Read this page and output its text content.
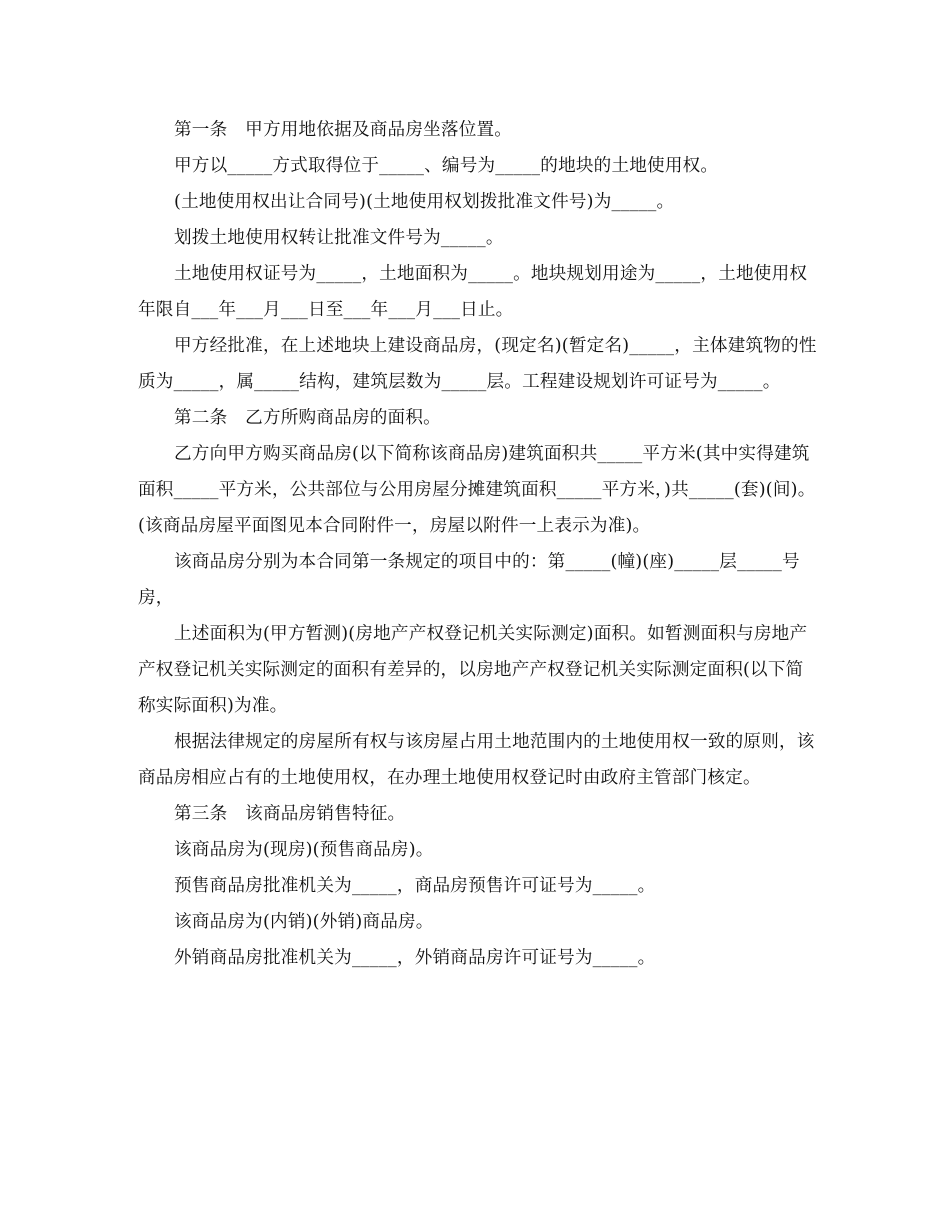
第一条　甲方用地依据及商品房坐落位置。

甲方以_____方式取得位于_____、编号为_____的地块的土地使用权。

(土地使用权出让合同号)(土地使用权划拨批准文件号)为_____。

划拨土地使用权转让批准文件号为_____。

土地使用权证号为_____，土地面积为_____。地块规划用途为_____，土地使用权年限自___年___月___日至___年___月___日止。

甲方经批准，在上述地块上建设商品房，(现定名)(暂定名)_____，主体建筑物的性质为_____，属_____结构，建筑层数为_____层。工程建设规划许可证号为_____。

第二条　乙方所购商品房的面积。

乙方向甲方购买商品房(以下简称该商品房)建筑面积共_____平方米(其中实得建筑面积_____平方米，公共部位与公用房屋分摊建筑面积_____平方米，)共_____(套)(间)。(该商品房屋平面图见本合同附件一，房屋以附件一上表示为准)。

该商品房分别为本合同第一条规定的项目中的：第_____(幢)(座)_____层_____号房，

上述面积为(甲方暂测)(房地产产权登记机关实际测定)面积。如暂测面积与房地产产权登记机关实际测定的面积有差异的，以房地产产权登记机关实际测定面积(以下简称实际面积)为准。

根据法律规定的房屋所有权与该房屋占用土地范围内的土地使用权一致的原则，该商品房相应占有的土地使用权，在办理土地使用权登记时由政府主管部门核定。

第三条　该商品房销售特征。

该商品房为(现房)(预售商品房)。

预售商品房批准机关为_____，商品房预售许可证号为_____。

该商品房为(内销)(外销)商品房。

外销商品房批准机关为_____，外销商品房许可证号为_____。
